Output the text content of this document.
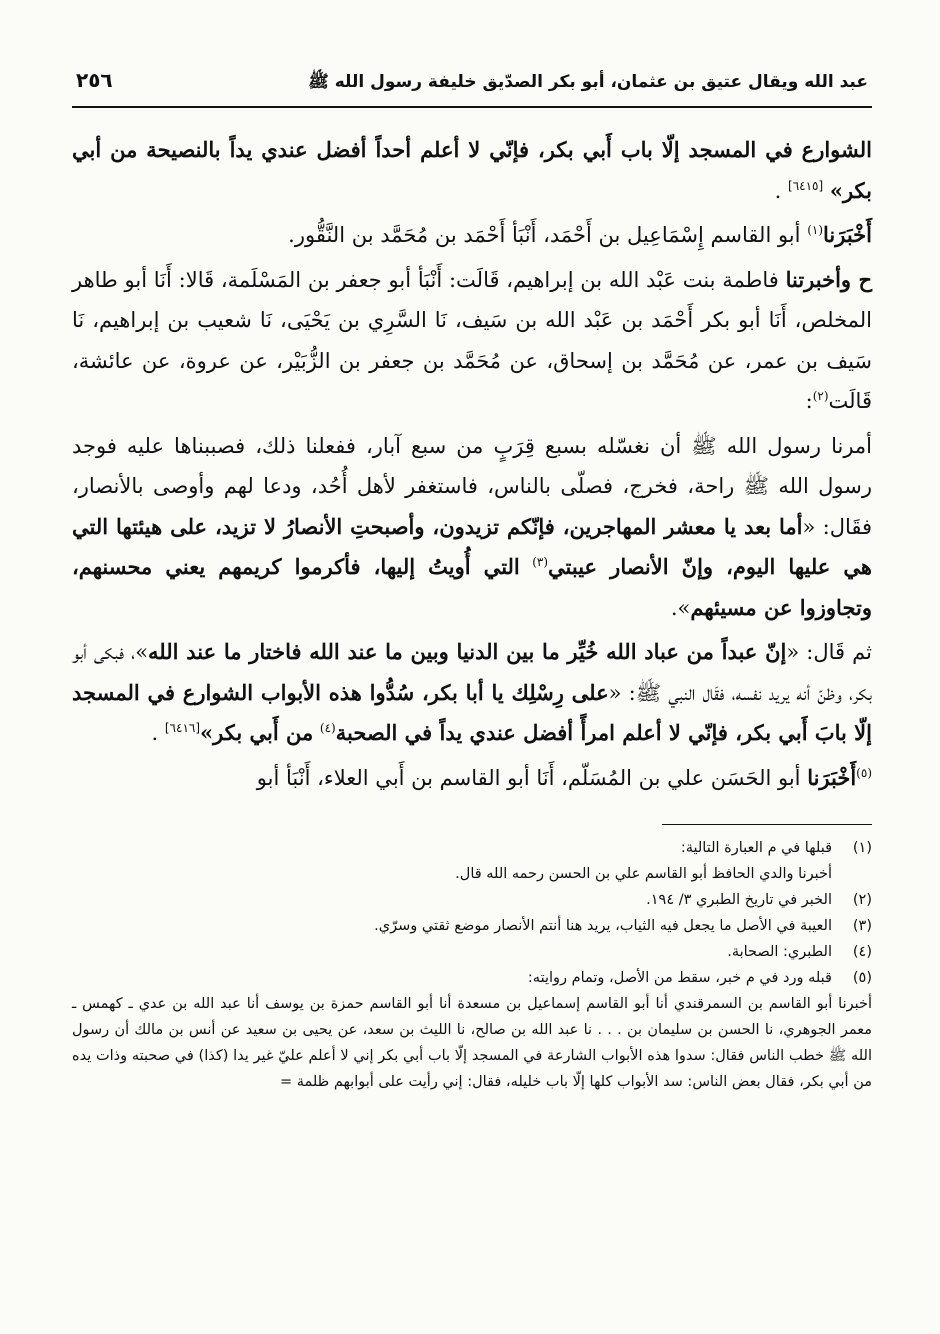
عبد الله ويقال عتيق بن عثمان، أبو بكر الصدّيق خليفة رسول الله ﷺ
٢٥٦

الشوارع في المسجد إلّا باب أَبي بكر، فإنّي لا أعلم أحداً أفضل عندي يداً بالنصيحة من أبي بكر» [٦٤١٥] .

أَخْبَرَنا$^{(١)}$ أبو القاسم إِسْمَاعِيل بن أَحْمَد، أَنْبَأ أَحْمَد بن مُحَمَّد بن النَّقُّور.

ح وأخبرتنا فاطمة بنت عَبْد الله بن إبراهيم، قَالَت: أَنْبَأ أبو جعفر بن المَسْلَمة، قَالا: أَنَا أبو طاهر المخلص، أَنَا أبو بكر أَحْمَد بن عَبْد الله بن سَيف، نَا السَّرِي بن يَحْيَى، نَا شعيب بن إبراهيم، نَا سَيف بن عمر، عن مُحَمَّد بن إسحاق، عن مُحَمَّد بن جعفر بن الزُّبَيْر، عن عروة، عن عائشة، قَالَت$^{(٢)}$:

أمرنا رسول الله ﷺ أن نغسّله بسبع قِرَبٍ من سبع آبار، ففعلنا ذلك، فصببناها عليه فوجد رسول الله ﷺ راحة، فخرج، فصلّى بالناس، فاستغفر لأهل أُحُد، ودعا لهم وأوصى بالأنصار، فقَال: «أما بعد يا معشر المهاجرين، فإنّكم تزيدون، وأصبحتِ الأنصارُ لا تزيد، على هيئتها التي هي عليها اليوم، وإنّ الأنصار عيبتي$^{(٣)}$ التي أُويتُ إليها، فأكرموا كريمهم يعني محسنهم، وتجاوزوا عن مسيئهم».

ثم قَال: «إنّ عبداً من عباد الله خُيِّر ما بين الدنيا وبين ما عند الله فاختار ما عند الله»، فبكى أبو بكر، وظنّ أنه يريد نفسه، فقَال النبي ﷺ: «على رِسْلِك يا أبا بكر، سُدُّوا هذه الأبواب الشوارع في المسجد إلّا بابَ أَبي بكر، فإنّي لا أعلم امرأً أفضل عندي يداً في الصحبة$^{(٤)}$ من أَبي بكر»[٦٤١٦] .

$^{(٥)}$أَخْبَرَنا أبو الحَسَن علي بن المُسَلّم، أَنَا أبو القاسم بن أَبي العلاء، أَنْبَأ أبو

(١)
قبلها في م العبارة التالية:
أخبرنا والدي الحافظ أبو القاسم علي بن الحسن رحمه الله قال.
(٢)
الخبر في تاريخ الطبري ٣/ ١٩٤.
(٣)
العيبة في الأصل ما يجعل فيه الثياب، يريد هنا أنتم الأنصار موضع ثقتي وسرّي.
(٤)
الطبري: الصحابة.
(٥)
قبله ورد في م خبر، سقط من الأصل، وتمام روايته:
أخبرنا أبو القاسم بن السمرقندي أنا أبو القاسم إسماعيل بن مسعدة أنا أبو القاسم حمزة بن يوسف أنا عبد الله بن عدي ـ كهمس ـ معمر الجوهري، نا الحسن بن سليمان بن . . . نا عبد الله بن صالح، نا الليث بن سعد، عن يحيى بن سعيد عن أنس بن مالك أن رسول الله ﷺ خطب الناس فقال: سدوا هذه الأبواب الشارعة في المسجد إلّا باب أبي بكر إني لا أعلم عليّ غير يدا (كذا) في صحبته وذات يده من أبي بكر، فقال بعض الناس: سد الأبواب كلها إلّا باب خليله، فقال: إني رأيت على أبوابهم ظلمة =
